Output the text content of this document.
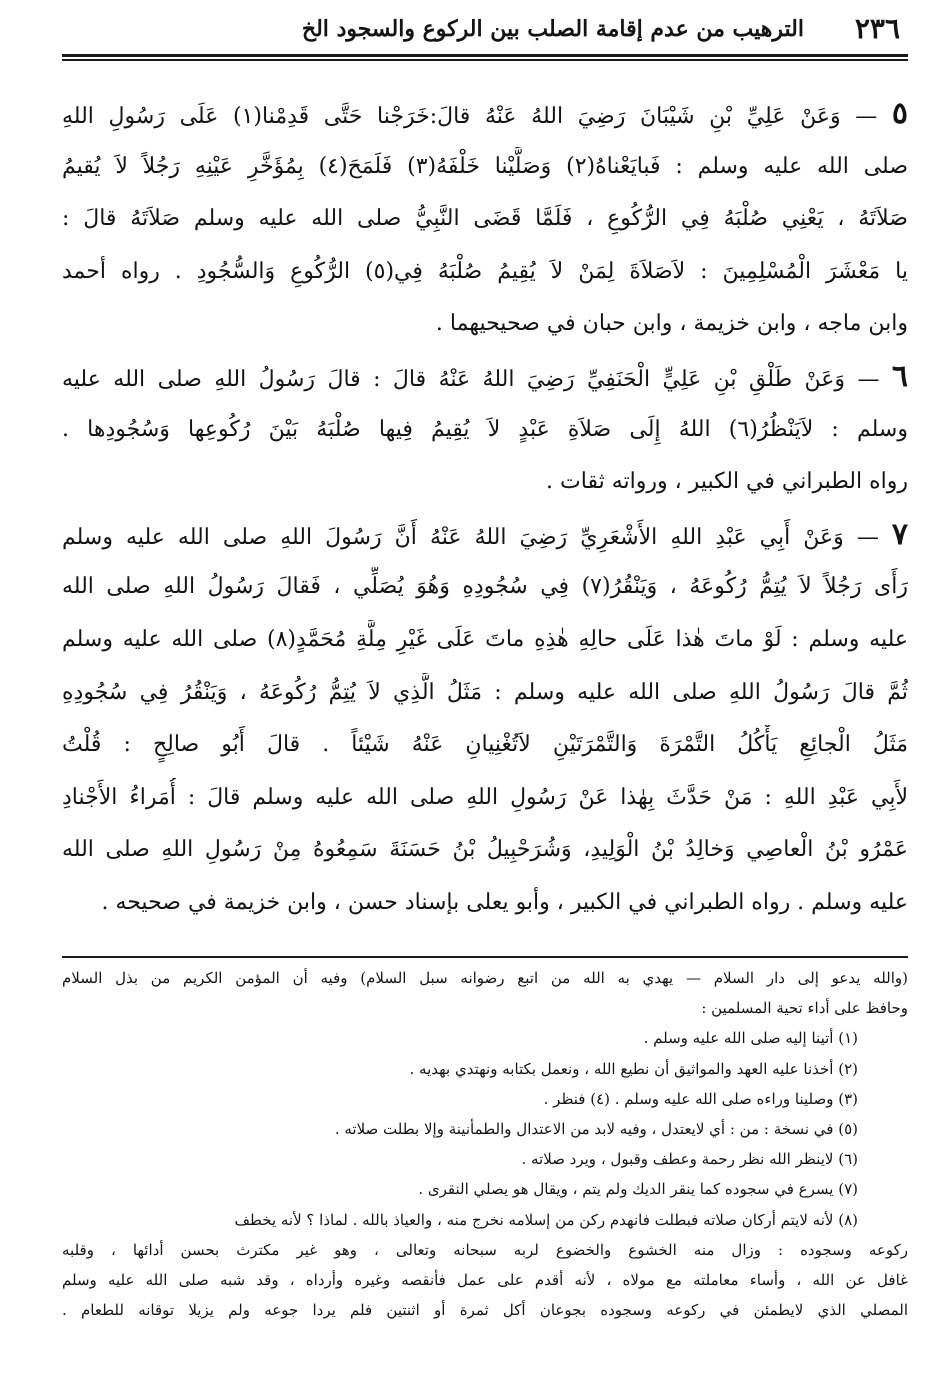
٢٣٦
الترهيب من عدم إقامة الصلب بين الركوع والسجود الخ
٥ — وَعَنْ عَلِيِّ بْنِ شَيْبَانَ رَضِيَ اللهُ عَنْهُ قالَ:خَرَجْنا حَتَّى قَدِمْنا(١) عَلَى رَسُولِ اللهِ
صلى الله عليه وسلم : فَبايَعْناهُ(٢) وَصَلَّيْنا خَلْفَهُ(٣) فَلَمَحَ(٤) بِمُؤَخَّرِ عَيْنِهِ رَجُلاً لاَ يُقيمُ
صَلاَتَهُ ، يَعْنِي صُلْبَهُ فِي الرُّكُوعِ ، فَلَمَّا قَضَى النَّبِيُّ صلى الله عليه وسلم صَلاَتَهُ قالَ :
يا مَعْشَرَ الْمُسْلِمِينَ : لاَصَلاَةَ لِمَنْ لاَ يُقِيمُ صُلْبَهُ فِي(٥) الرُّكُوعِ وَالسُّجُودِ . رواه أحمد
وابن ماجه ، وابن خزيمة ، وابن حبان في صحيحيهما .
٦ — وَعَنْ طَلْقِ بْنِ عَلِيٍّ الْحَنَفِيِّ رَضِيَ اللهُ عَنْهُ قالَ : قالَ رَسُولُ اللهِ صلى الله عليه
وسلم : لاَيَنْظُرُ(٦) اللهُ إِلَى صَلاَةِ عَبْدٍ لاَ يُقِيمُ فِيها صُلْبَهُ بَيْنَ رُكُوعِها وَسُجُودِها .
رواه الطبراني في الكبير ، ورواته ثقات .
٧ — وَعَنْ أَبِي عَبْدِ اللهِ الأَشْعَرِيِّ رَضِيَ اللهُ عَنْهُ أَنَّ رَسُولَ اللهِ صلى الله عليه وسلم
رَأَى رَجُلاً لاَ يُتِمُّ رُكُوعَهُ ، وَيَنْقُرُ(٧) فِي سُجُودِهِ وَهُوَ يُصَلِّي ، فَقالَ رَسُولُ اللهِ صلى الله
عليه وسلم : لَوْ ماتَ هٰذا عَلَى حالِهِ هٰذِهِ ماتَ عَلَى غَيْرِ مِلَّةِ مُحَمَّدٍ(٨) صلى الله عليه وسلم
ثُمَّ قالَ رَسُولُ اللهِ صلى الله عليه وسلم : مَثَلُ الَّذِي لاَ يُتِمُّ رُكُوعَهُ ، وَيَنْقُرُ فِي سُجُودِهِ
مَثَلُ الْجائِعِ يَأْكُلُ التَّمْرَةَ وَالتَّمْرَتَيْنِ لاَتُغْنِيانِ عَنْهُ شَيْئاً . قالَ أَبُو صالِحٍ : قُلْتُ
لأَبِي عَبْدِ اللهِ : مَنْ حَدَّثَ بِهٰذا عَنْ رَسُولِ اللهِ صلى الله عليه وسلم قالَ : أُمَراءُ الأَجْنادِ
عَمْرُو بْنُ الْعاصِي وَخالِدُ بْنُ الْوَلِيدِ، وَشُرَحْبِيلُ بْنُ حَسَنَةَ سَمِعُوهُ مِنْ رَسُولِ اللهِ صلى الله
عليه وسلم . رواه الطبراني في الكبير ، وأبو يعلى بإسناد حسن ، وابن خزيمة في صحيحه .
(والله يدعو إلى دار السلام — يهدي به الله من اتبع رضوانه سبل السلام) وفيه أن المؤمن الكريم من بذل السلام
وحافظ على أداء تحية المسلمين :
(١) أتينا إليه صلى الله عليه وسلم .
(٢) أخذنا عليه العهد والمواثيق أن نطيع الله ، ونعمل بكتابه ونهتدي بهديه .
(٣) وصلينا وراءه صلى الله عليه وسلم . (٤) فنظر .
(٥) في نسخة : من : أي لايعتدل ، وفيه لابد من الاعتدال والطمأنينة وإلا بطلت صلاته .
(٦) لاينظر الله نظر رحمة وعطف وقبول ، ويرد صلاته .
(٧) يسرع في سجوده كما ينقر الديك ولم يتم ، ويقال هو يصلي النقرى .
(٨) لأنه لايتم أركان صلاته فبطلت فانهدم ركن من إسلامه نخرج منه ، والعياذ بالله . لماذا ؟ لأنه يخطف
ركوعه وسجوده : وزال منه الخشوع والخضوع لربه سبحانه وتعالى ، وهو غير مكترث بحسن أدائها ، وقلبه
غافل عن الله ، وأساء معاملته مع مولاه ، لأنه أقدم على عمل فأنقصه وغيره وأرداه ، وقد شبه صلى الله عليه وسلم
المصلي الذي لايطمئن في ركوعه وسجوده بجوعان أكل ثمرة أو اثنتين فلم يردا جوعه ولم يزيلا توقانه للطعام .
